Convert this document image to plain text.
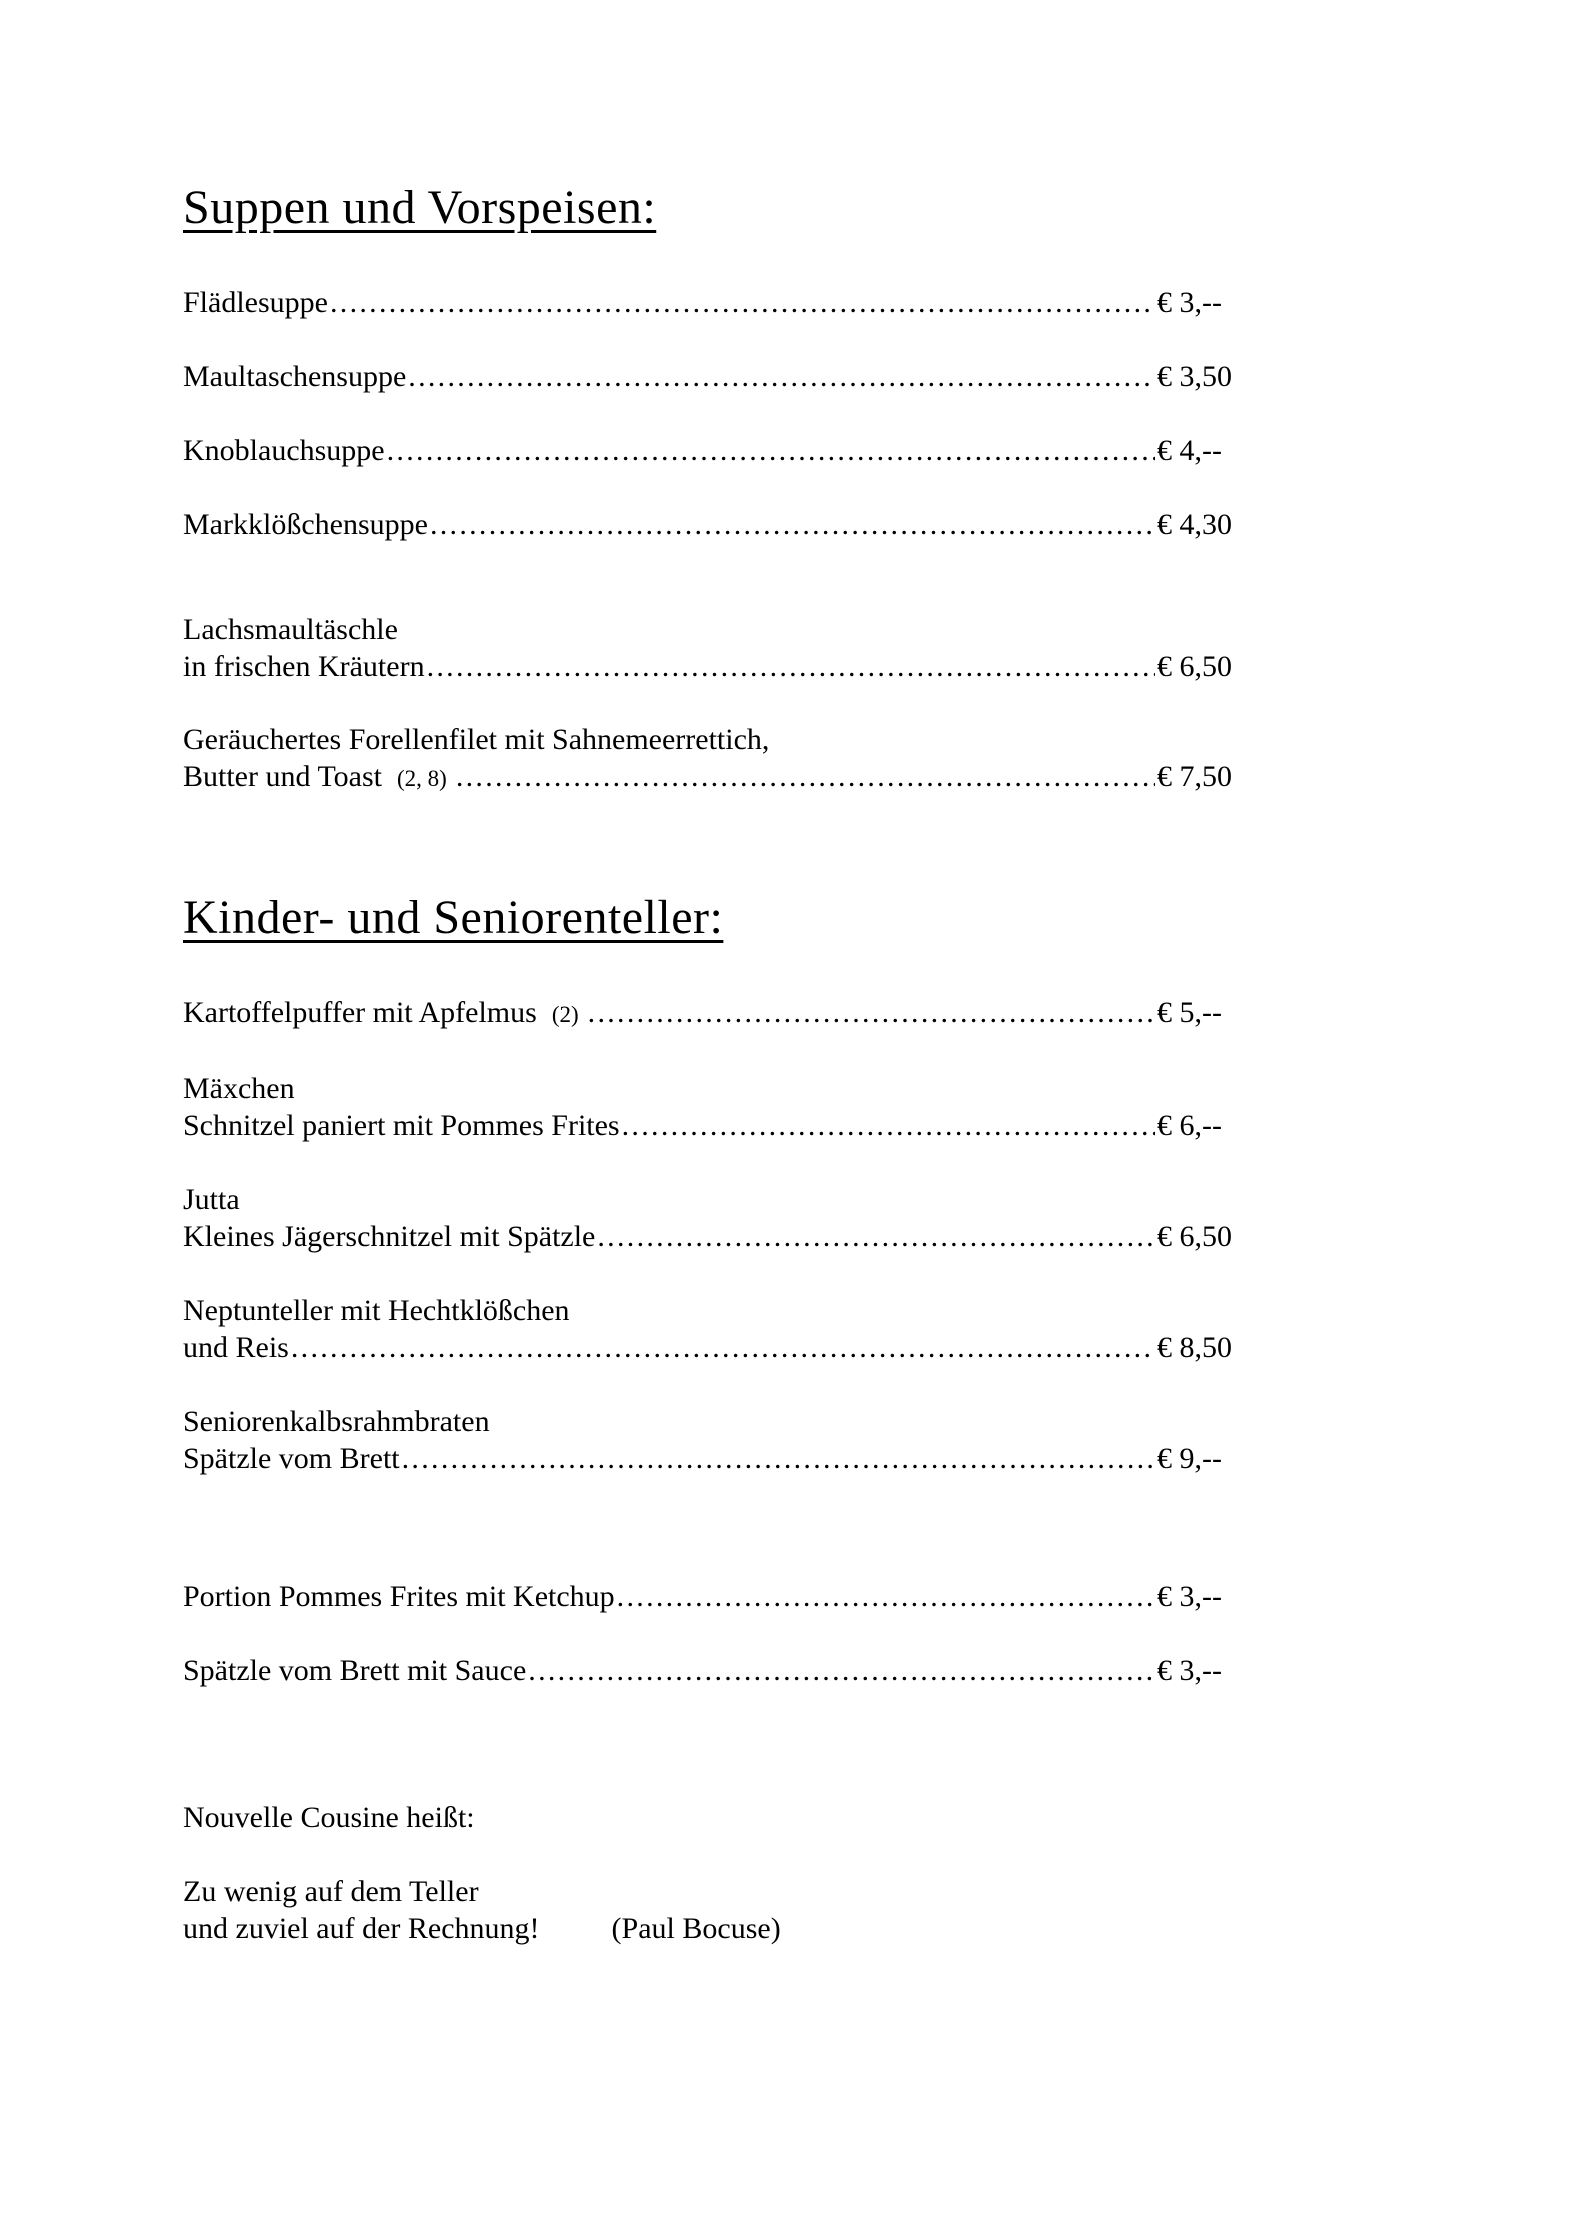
Suppen und Vorspeisen:
Flädlesuppe .....	€ 3,--
Maultaschensuppe .....	€ 3,50
Knoblauchsuppe .....	€ 4,--
Markklößchensuppe .....	€ 4,30
Lachsmaultäschle
in frischen Kräutern .....	€ 6,50
Geräuchertes Forellenfilet mit Sahnemeerrettich,
Butter und Toast (2, 8) .....	€ 7,50
Kinder- und Seniorenteller:
Kartoffelpuffer mit Apfelmus (2) .....	€ 5,--
Mäxchen
Schnitzel paniert mit Pommes Frites .....	€ 6,--
Jutta
Kleines Jägerschnitzel mit Spätzle .....	€ 6,50
Neptunteller mit Hechtklößchen
und Reis .....	€ 8,50
Seniorenkalbsrahmbraten
Spätzle vom Brett .....	€ 9,--
Portion Pommes Frites mit Ketchup .....	€ 3,--
Spätzle vom Brett mit Sauce .....	€ 3,--

Nouvelle Cousine heißt:

Zu wenig auf dem Teller

und zuviel auf der Rechnung! (Paul Bocuse)
